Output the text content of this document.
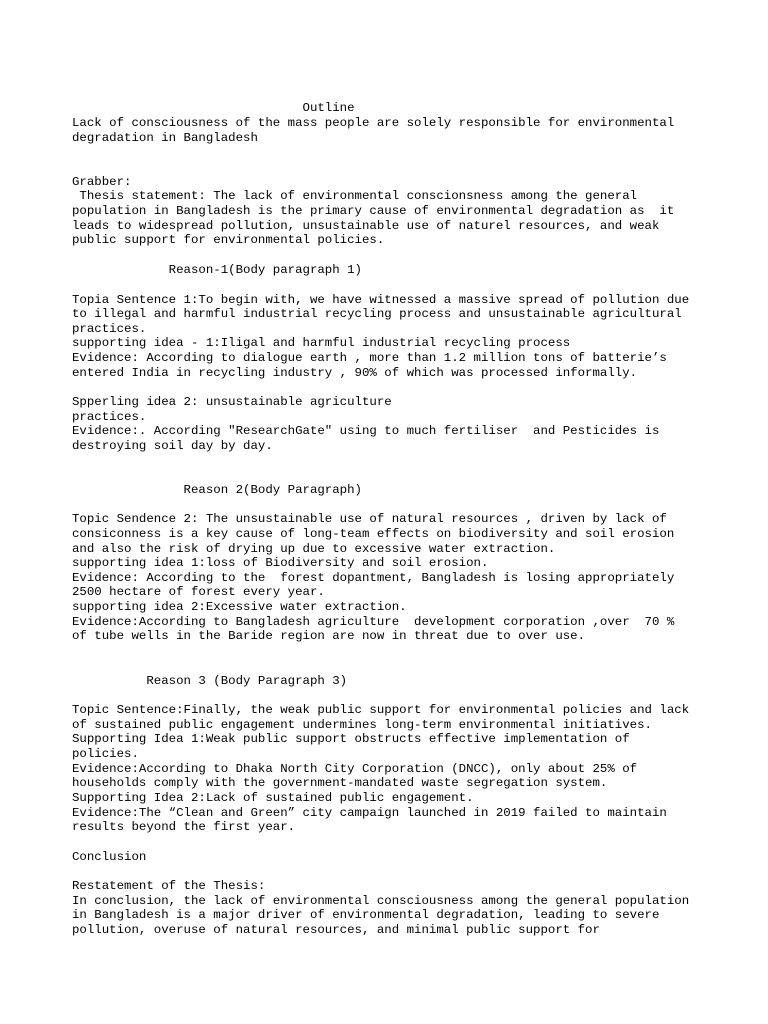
Outline
Lack of consciousness of the mass people are solely responsible for environmental
degradation in Bangladesh
Grabber:
Thesis statement: The lack of environmental conscionsness among the general
population in Bangladesh is the primary cause of environmental degradation as  it
leads to widespread pollution, unsustainable use of naturel resources, and weak
public support for environmental policies.
Reason-1(Body paragraph 1)
Topia Sentence 1:To begin with, we have witnessed a massive spread of pollution due
to illegal and harmful industrial recycling process and unsustainable agricultural
practices.
supporting idea - 1:Iligal and harmful industrial recycling process
Evidence: According to dialogue earth , more than 1.2 million tons of batterie’s
entered India in recycling industry , 90% of which was processed informally.
Spperling idea 2: unsustainable agriculture
practices.
Evidence:. According "ResearchGate" using to much fertiliser  and Pesticides is
destroying soil day by day.
Reason 2(Body Paragraph)
Topic Sendence 2: The unsustainable use of natural resources , driven by lack of
consiconness is a key cause of long-team effects on biodiversity and soil erosion
and also the risk of drying up due to excessive water extraction.
supporting idea 1:loss of Biodiversity and soil erosion.
Evidence: According to the  forest dopantment, Bangladesh is losing appropriately
2500 hectare of forest every year.
supporting idea 2:Excessive water extraction.
Evidence:According to Bangladesh agriculture  development corporation ,over  70 %
of tube wells in the Baride region are now in threat due to over use.
Reason 3 (Body Paragraph 3)
Topic Sentence:Finally, the weak public support for environmental policies and lack
of sustained public engagement undermines long-term environmental initiatives.
Supporting Idea 1:Weak public support obstructs effective implementation of
policies.
Evidence:According to Dhaka North City Corporation (DNCC), only about 25% of
households comply with the government-mandated waste segregation system.
Supporting Idea 2:Lack of sustained public engagement.
Evidence:The “Clean and Green” city campaign launched in 2019 failed to maintain
results beyond the first year.
Conclusion
Restatement of the Thesis:
In conclusion, the lack of environmental consciousness among the general population
in Bangladesh is a major driver of environmental degradation, leading to severe
pollution, overuse of natural resources, and minimal public support for
